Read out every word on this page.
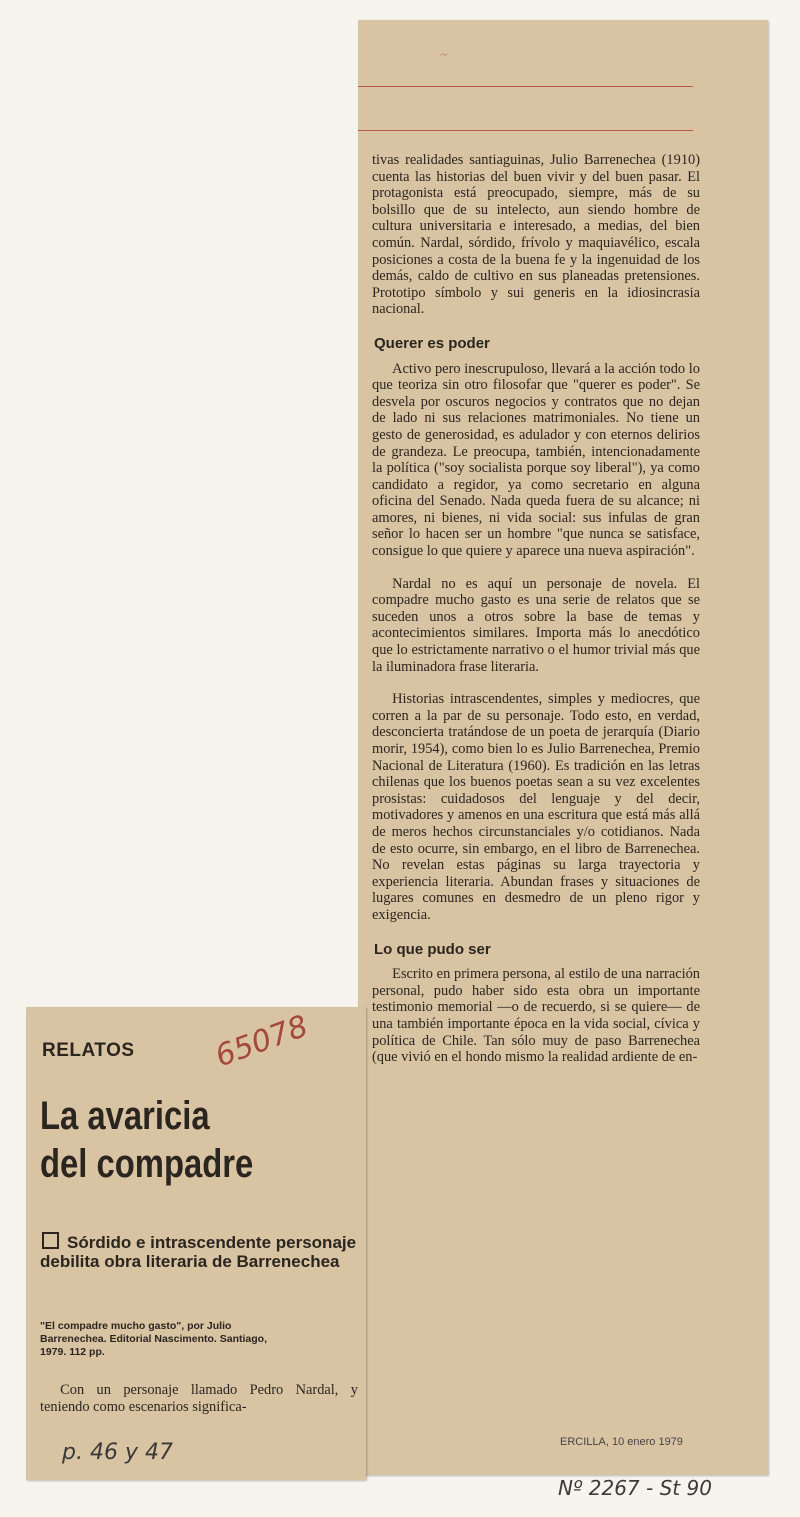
~

tivas realidades santiaguinas, Julio Barrenechea (1910) cuenta las historias del buen vivir y del buen pasar. El protagonista está preocupado, siempre, más de su bolsillo que de su intelecto, aun siendo hombre de cultura universitaria e interesado, a medias, del bien común. Nardal, sórdido, frívolo y maquiavélico, escala posiciones a costa de la buena fe y la ingenuidad de los demás, caldo de cultivo en sus planeadas pretensiones. Prototipo símbolo y sui generis en la idiosincrasia nacional.

Querer es poder

Activo pero inescrupuloso, llevará a la acción todo lo que teoriza sin otro filosofar que "querer es poder". Se desvela por oscuros negocios y contratos que no dejan de lado ni sus relaciones matrimoniales. No tiene un gesto de generosidad, es adulador y con eternos delirios de grandeza. Le preocupa, también, intencionadamente la política ("soy socialista porque soy liberal"), ya como candidato a regidor, ya como secretario en alguna oficina del Senado. Nada queda fuera de su alcance; ni amores, ni bienes, ni vida social: sus infulas de gran señor lo hacen ser un hombre "que nunca se satisface, consigue lo que quiere y aparece una nueva aspiración".

Nardal no es aquí un personaje de novela. El compadre mucho gasto es una serie de relatos que se suceden unos a otros sobre la base de temas y acontecimientos similares. Importa más lo anecdótico que lo estrictamente narrativo o el humor trivial más que la iluminadora frase literaria.

Historias intrascendentes, simples y mediocres, que corren a la par de su personaje. Todo esto, en verdad, desconcierta tratándose de un poeta de jerarquía (Diario morir, 1954), como bien lo es Julio Barrenechea, Premio Nacional de Literatura (1960). Es tradición en las letras chilenas que los buenos poetas sean a su vez excelentes prosistas: cuidadosos del lenguaje y del decir, motivadores y amenos en una escritura que está más allá de meros hechos circunstanciales y/o cotidianos. Nada de esto ocurre, sin embargo, en el libro de Barrenechea. No revelan estas páginas su larga trayectoria y experiencia literaria. Abundan frases y situaciones de lugares comunes en desmedro de un pleno rigor y exigencia.

Lo que pudo ser

Escrito en primera persona, al estilo de una narración personal, pudo haber sido esta obra un importante testimonio memorial —o de recuerdo, si se quiere— de una también importante época en la vida social, cívica y política de Chile. Tan sólo muy de paso Barrenechea (que vivió en el hondo mismo la realidad ardiente de en-

RELATOS	65078
La avaricia
del compadre
Sórdido e intrascendente personaje debilita obra literaria de Barrenechea
"El compadre mucho gasto", por Julio Barrenechea. Editorial Nascimento. Santiago, 1979. 112 pp.
Con un personaje llamado Pedro Nardal, y teniendo como escenarios significa-
ERCILLA, 10 enero 1979
p. 46 y 47
Nº 2267 - St 90
